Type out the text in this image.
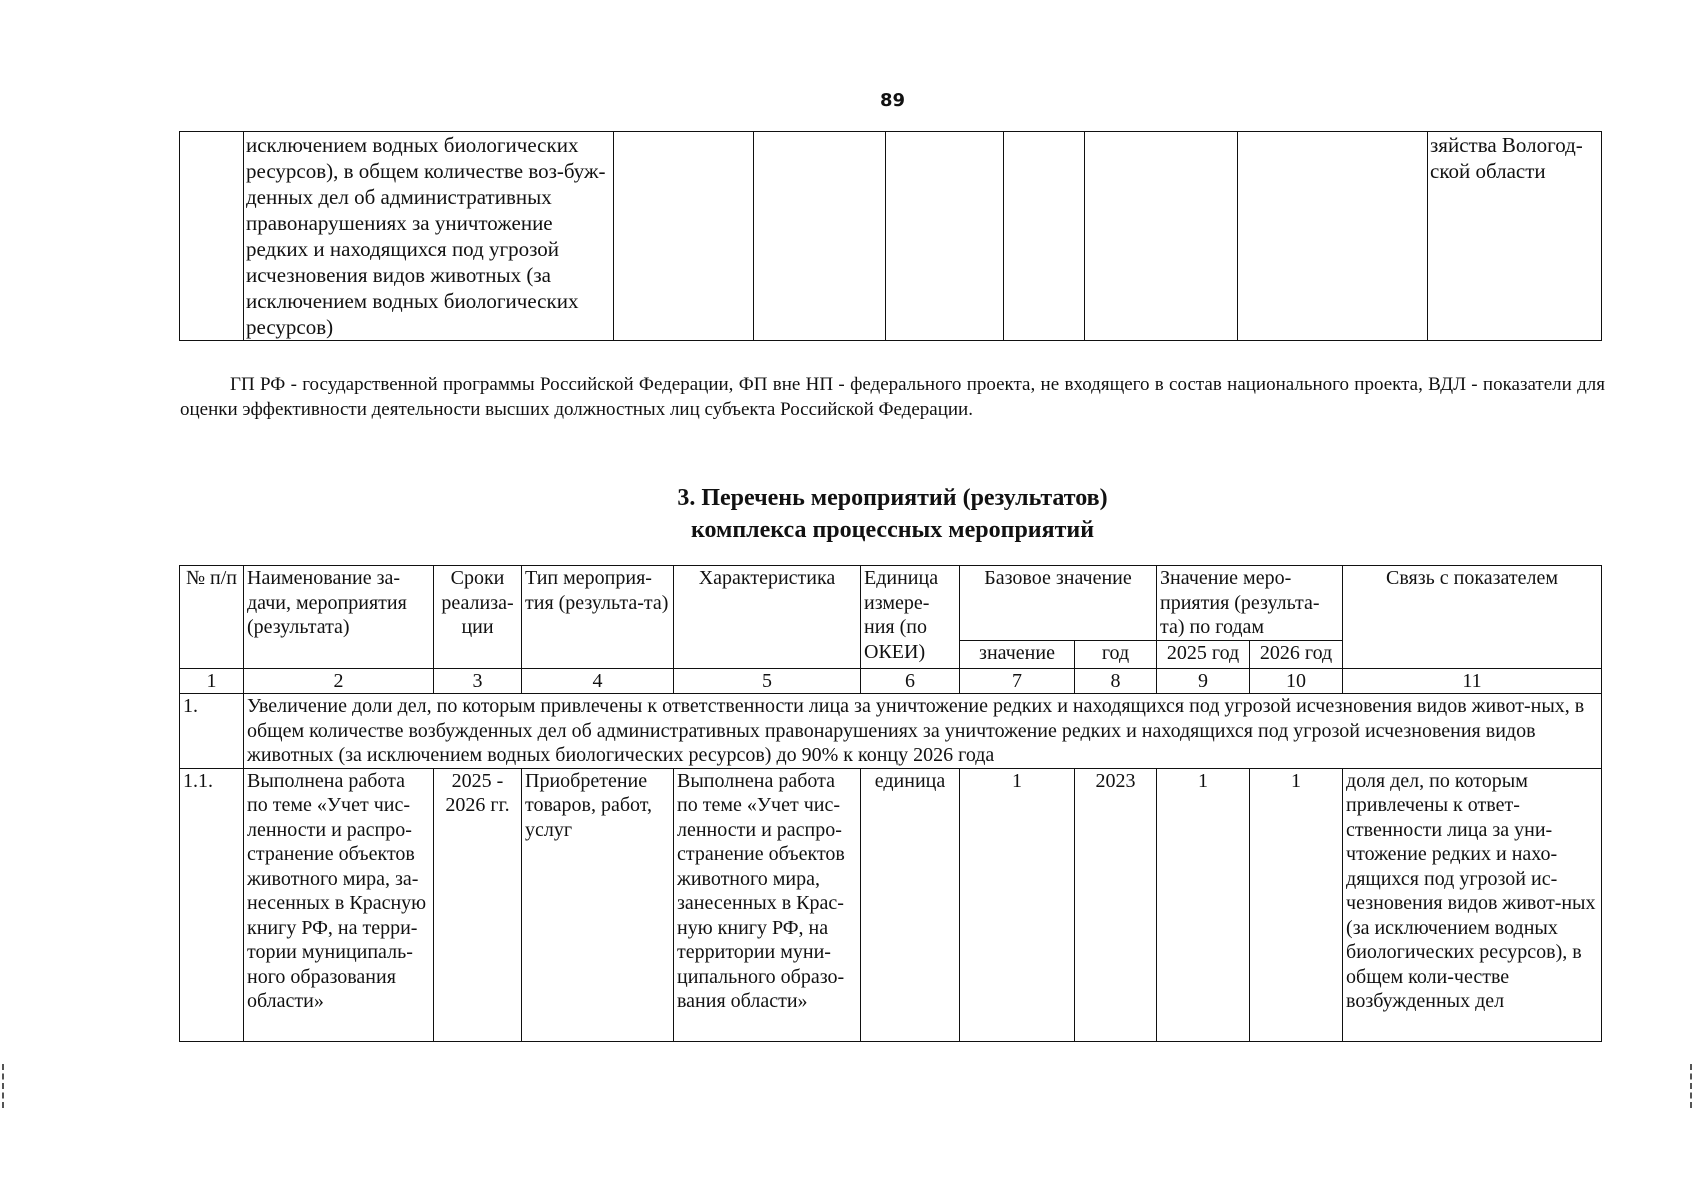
89
	исключением водных биологических ресурсов), в общем количестве воз-бужденных дел об административных правонарушениях за уничтожение редких и находящихся под угрозой исчезновения видов животных (за исключением водных биологических ресурсов)							зяйства Вологод-ской области

ГП РФ - государственной программы Российской Федерации, ФП вне НП - федерального проекта, не входящего в состав национального проекта, ВДЛ - показатели для оценки эффективности деятельности высших должностных лиц субъекта Российской Федерации.

3. Перечень мероприятий (результатов)
комплекса процессных мероприятий
№ п/п	Наименование за-дачи, мероприятия (результата)	Сроки реализа-ции	Тип мероприя-тия (результа-та)	Характеристика	Единица измере-ния (по ОКЕИ)	Базовое значение		Значение меро-приятия (результа-та) по годам		Связь с показателем
						значение	год	2025 год	2026 год	
1	2	3	4	5	6	7	8	9	10	11
1.	Увеличение доли дел, по которым привлечены к ответственности лица за уничтожение редких и находящихся под угрозой исчезновения видов живот-ных, в общем количестве возбужденных дел об административных правонарушениях за уничтожение редких и находящихся под угрозой исчезновения видов животных (за исключением водных биологических ресурсов) до 90% к концу 2026 года									
1.1.	Выполнена работа по теме «Учет чис-ленности и распро-странение объектов животного мира, за-несенных в Красную книгу РФ, на терри-тории муниципаль-ного образования области»	2025 - 2026 гг.	Приобретение товаров, работ, услуг	Выполнена работа по теме «Учет чис-ленности и распро-странение объектов животного мира, занесенных в Крас-ную книгу РФ, на территории муни-ципального образо-вания области»	единица	1	2023	1	1	доля дел, по которым привлечены к ответ-ственности лица за уни-чтожение редких и нахо-дящихся под угрозой ис-чезновения видов живот-ных (за исключением водных биологических ресурсов), в общем коли-честве возбужденных дел
